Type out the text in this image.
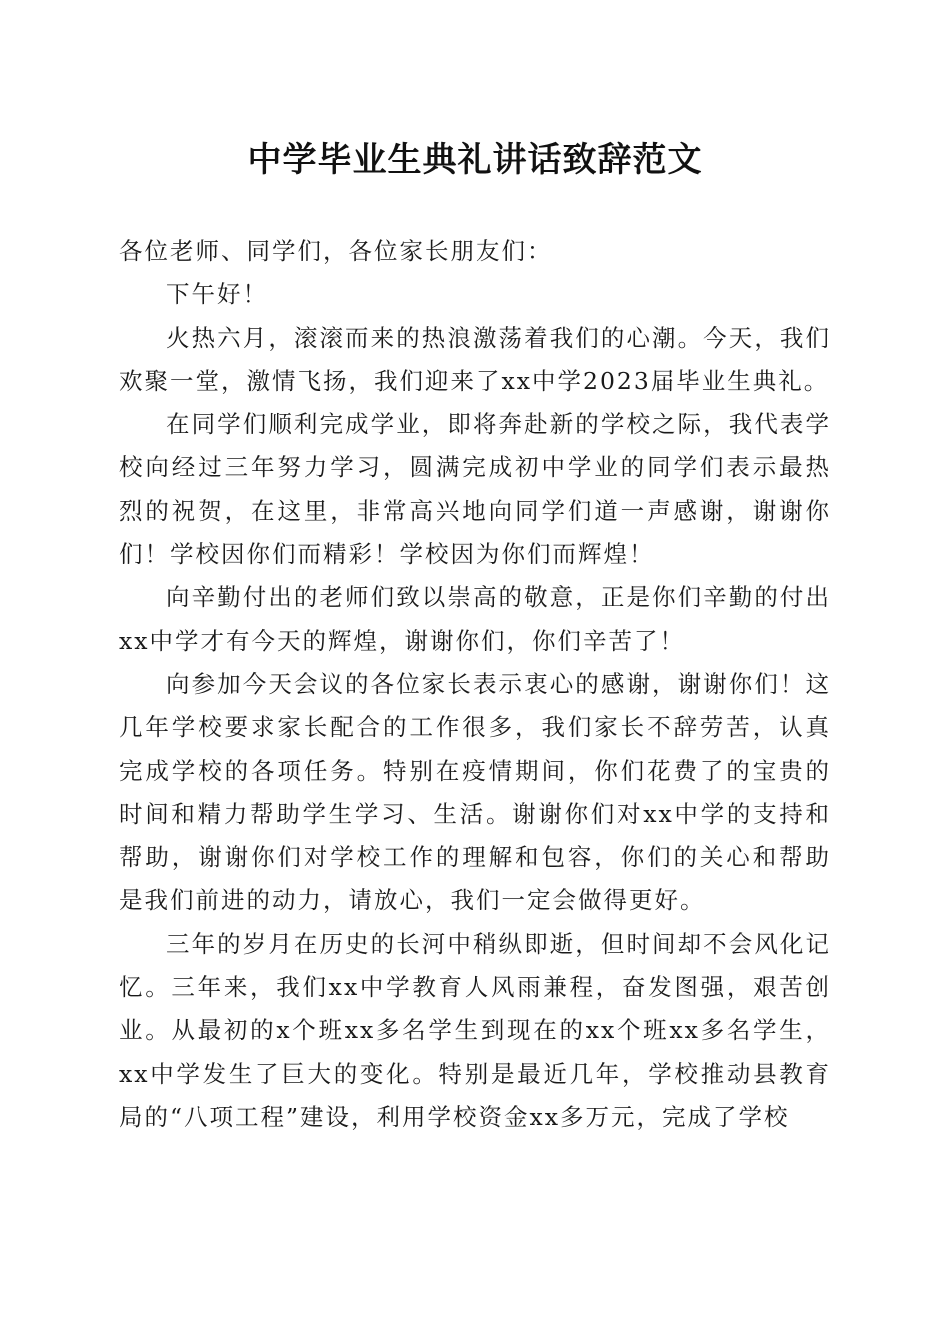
中学毕业生典礼讲话致辞范文

各位老师、同学们，各位家长朋友们：

下午好！

火热六月，滚滚而来的热浪激荡着我们的心潮。今天，我们欢聚一堂，激情飞扬，我们迎来了xx中学2023届毕业生典礼。

在同学们顺利完成学业，即将奔赴新的学校之际，我代表学校向经过三年努力学习，圆满完成初中学业的同学们表示最热烈的祝贺，在这里，非常高兴地向同学们道一声感谢，谢谢你们！学校因你们而精彩！学校因为你们而辉煌！

向辛勤付出的老师们致以崇高的敬意，正是你们辛勤的付出xx中学才有今天的辉煌，谢谢你们，你们辛苦了！

向参加今天会议的各位家长表示衷心的感谢，谢谢你们！这几年学校要求家长配合的工作很多，我们家长不辞劳苦，认真完成学校的各项任务。特别在疫情期间，你们花费了的宝贵的时间和精力帮助学生学习、生活。谢谢你们对xx中学的支持和帮助，谢谢你们对学校工作的理解和包容，你们的关心和帮助是我们前进的动力，请放心，我们一定会做得更好。

三年的岁月在历史的长河中稍纵即逝，但时间却不会风化记忆。三年来，我们xx中学教育人风雨兼程，奋发图强，艰苦创业。从最初的x个班xx多名学生到现在的xx个班xx多名学生，xx中学发生了巨大的变化。特别是最近几年，学校推动县教育局的“八项工程”建设，利用学校资金xx多万元，完成了学校
